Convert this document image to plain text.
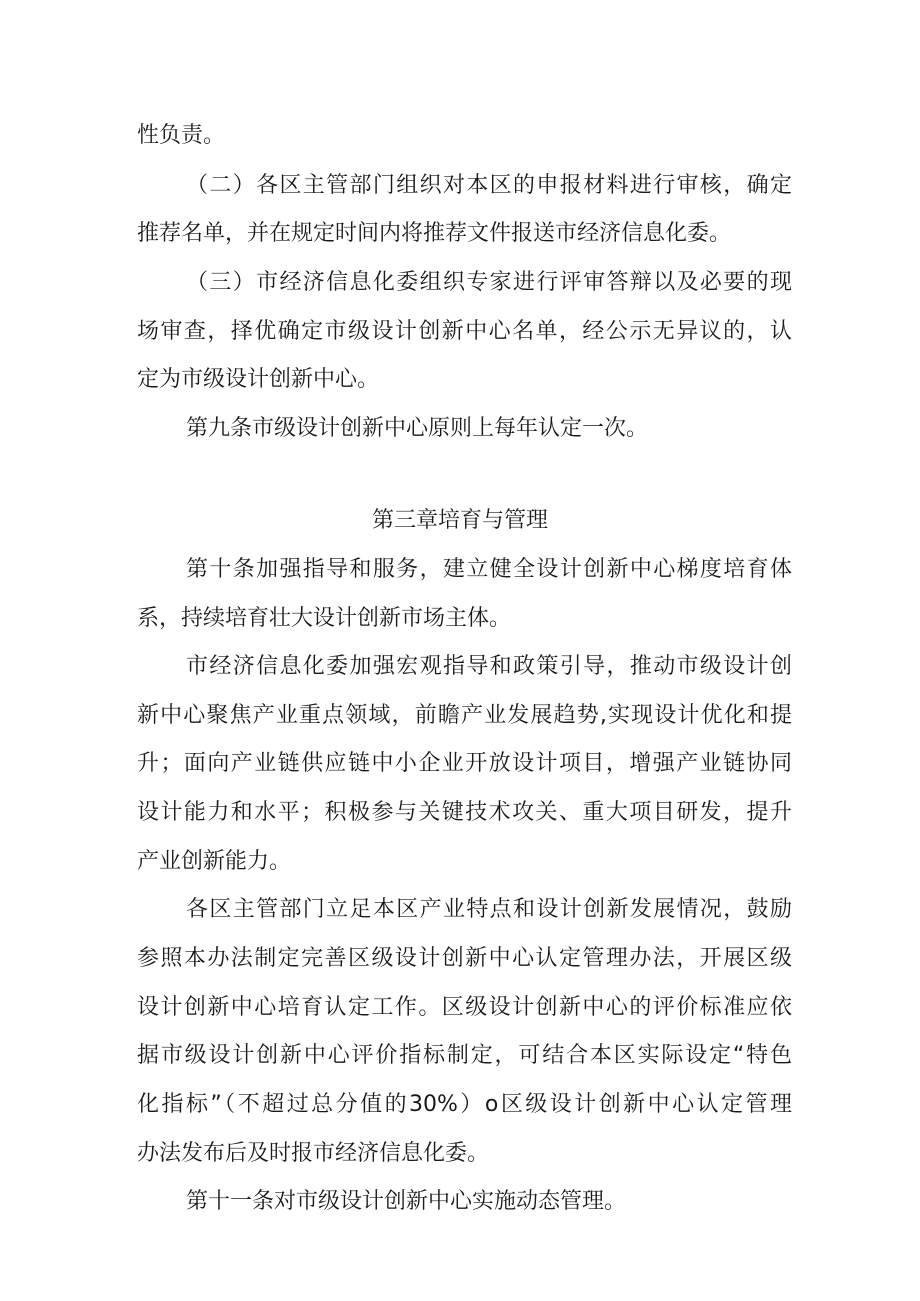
性负责。
（二）各区主管部门组织对本区的申报材料进行审核，确定
推荐名单，并在规定时间内将推荐文件报送市经济信息化委。
（三）市经济信息化委组织专家进行评审答辩以及必要的现
场审查，择优确定市级设计创新中心名单，经公示无异议的，认
定为市级设计创新中心。
第九条市级设计创新中心原则上每年认定一次。
第三章培育与管理
第十条加强指导和服务，建立健全设计创新中心梯度培育体
系，持续培育壮大设计创新市场主体。
市经济信息化委加强宏观指导和政策引导，推动市级设计创
新中心聚焦产业重点领域，前瞻产业发展趋势,实现设计优化和提
升；面向产业链供应链中小企业开放设计项目，增强产业链协同
设计能力和水平；积极参与关键技术攻关、重大项目研发，提升
产业创新能力。
各区主管部门立足本区产业特点和设计创新发展情况，鼓励
参照本办法制定完善区级设计创新中心认定管理办法，开展区级
设计创新中心培育认定工作。区级设计创新中心的评价标准应依
据市级设计创新中心评价指标制定，可结合本区实际设定“特色
化指标”（不超过总分值的30%）o区级设计创新中心认定管理
办法发布后及时报市经济信息化委。
第十一条对市级设计创新中心实施动态管理。
